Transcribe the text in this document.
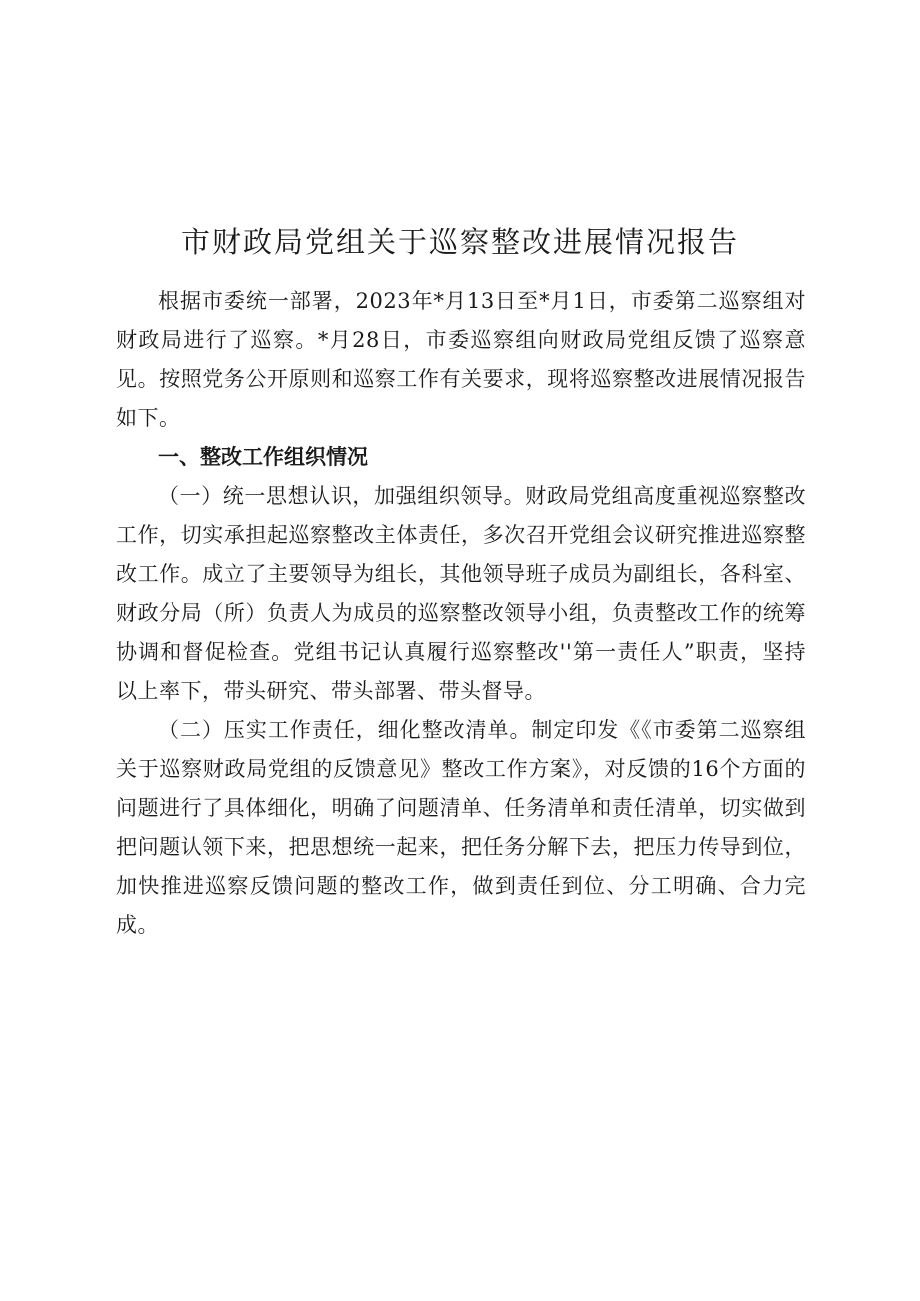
市财政局党组关于巡察整改进展情况报告

根据市委统一部署，2023年*月13日至*月1日，市委第二巡察组对财政局进行了巡察。*月28日，市委巡察组向财政局党组反馈了巡察意见。按照党务公开原则和巡察工作有关要求，现将巡察整改进展情况报告如下。

一、整改工作组织情况

（一）统一思想认识，加强组织领导。财政局党组高度重视巡察整改工作，切实承担起巡察整改主体责任，多次召开党组会议研究推进巡察整改工作。成立了主要领导为组长，其他领导班子成员为副组长，各科室、财政分局（所）负责人为成员的巡察整改领导小组，负责整改工作的统筹协调和督促检查。党组书记认真履行巡察整改''第一责任人”职责，坚持以上率下，带头研究、带头部署、带头督导。

（二）压实工作责任，细化整改清单。制定印发《《市委第二巡察组关于巡察财政局党组的反馈意见》整改工作方案》，对反馈的16个方面的问题进行了具体细化，明确了问题清单、任务清单和责任清单，切实做到把问题认领下来，把思想统一起来，把任务分解下去，把压力传导到位，加快推进巡察反馈问题的整改工作，做到责任到位、分工明确、合力完成。
